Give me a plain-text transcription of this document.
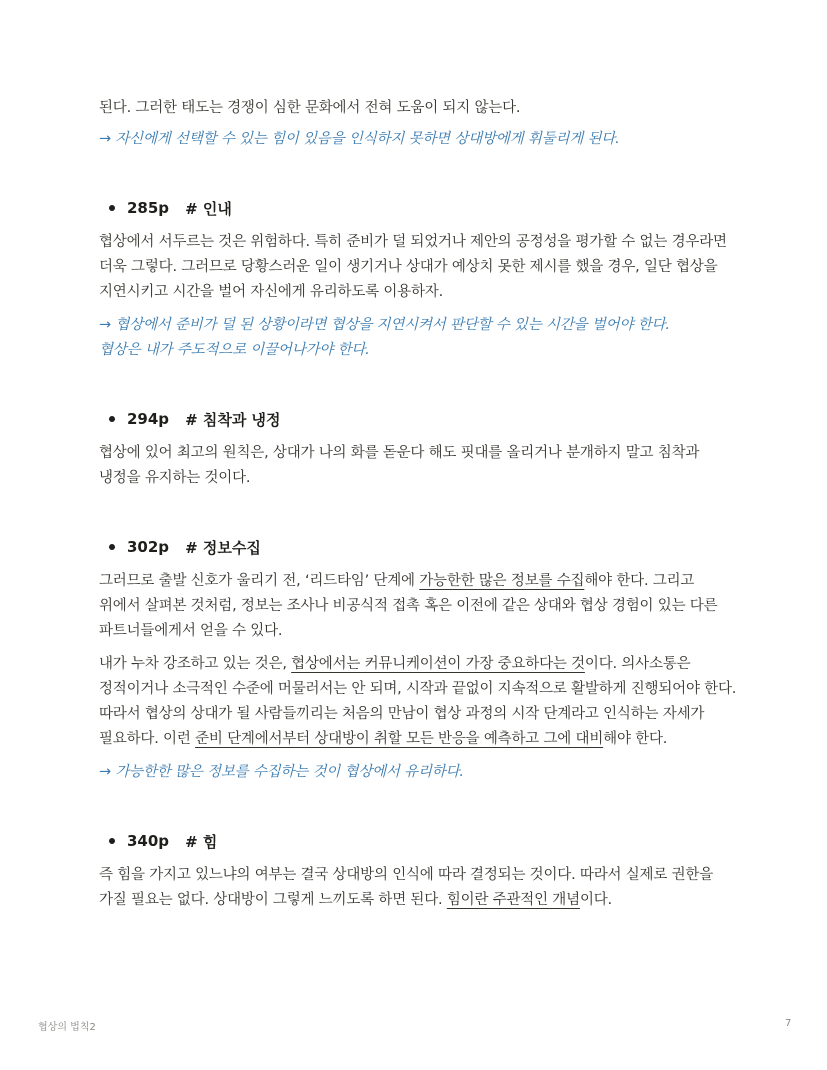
된다. 그러한 태도는 경쟁이 심한 문화에서 전혀 도움이 되지 않는다.

→ 자신에게 선택할 수 있는 힘이 있음을 인식하지 못하면 상대방에게 휘둘리게 된다.

285p # 인내

협상에서 서두르는 것은 위험하다. 특히 준비가 덜 되었거나 제안의 공정성을 평가할 수 없는 경우라면 더욱 그렇다. 그러므로 당황스러운 일이 생기거나 상대가 예상치 못한 제시를 했을 경우, 일단 협상을 지연시키고 시간을 벌어 자신에게 유리하도록 이용하자.

→ 협상에서 준비가 덜 된 상황이라면 협상을 지연시켜서 판단할 수 있는 시간을 벌어야 한다.
협상은 내가 주도적으로 이끌어나가야 한다.

294p # 침착과 냉정

협상에 있어 최고의 원칙은, 상대가 나의 화를 돋운다 해도 핏대를 올리거나 분개하지 말고 침착과 냉정을 유지하는 것이다.

302p # 정보수집

그러므로 출발 신호가 울리기 전, ‘리드타임’ 단계에 가능한한 많은 정보를 수집해야 한다. 그리고 위에서 살펴본 것처럼, 정보는 조사나 비공식적 접촉 혹은 이전에 같은 상대와 협상 경험이 있는 다른 파트너들에게서 얻을 수 있다.

내가 누차 강조하고 있는 것은, 협상에서는 커뮤니케이션이 가장 중요하다는 것이다. 의사소통은 정적이거나 소극적인 수준에 머물러서는 안 되며, 시작과 끝없이 지속적으로 활발하게 진행되어야 한다. 따라서 협상의 상대가 될 사람들끼리는 처음의 만남이 협상 과정의 시작 단계라고 인식하는 자세가 필요하다. 이런 준비 단계에서부터 상대방이 취할 모든 반응을 예측하고 그에 대비해야 한다.

→ 가능한한 많은 정보를 수집하는 것이 협상에서 유리하다.

340p # 힘

즉 힘을 가지고 있느냐의 여부는 결국 상대방의 인식에 따라 결정되는 것이다. 따라서 실제로 권한을 가질 필요는 없다. 상대방이 그렇게 느끼도록 하면 된다. 힘이란 주관적인 개념이다.

협상의 법칙2	7
